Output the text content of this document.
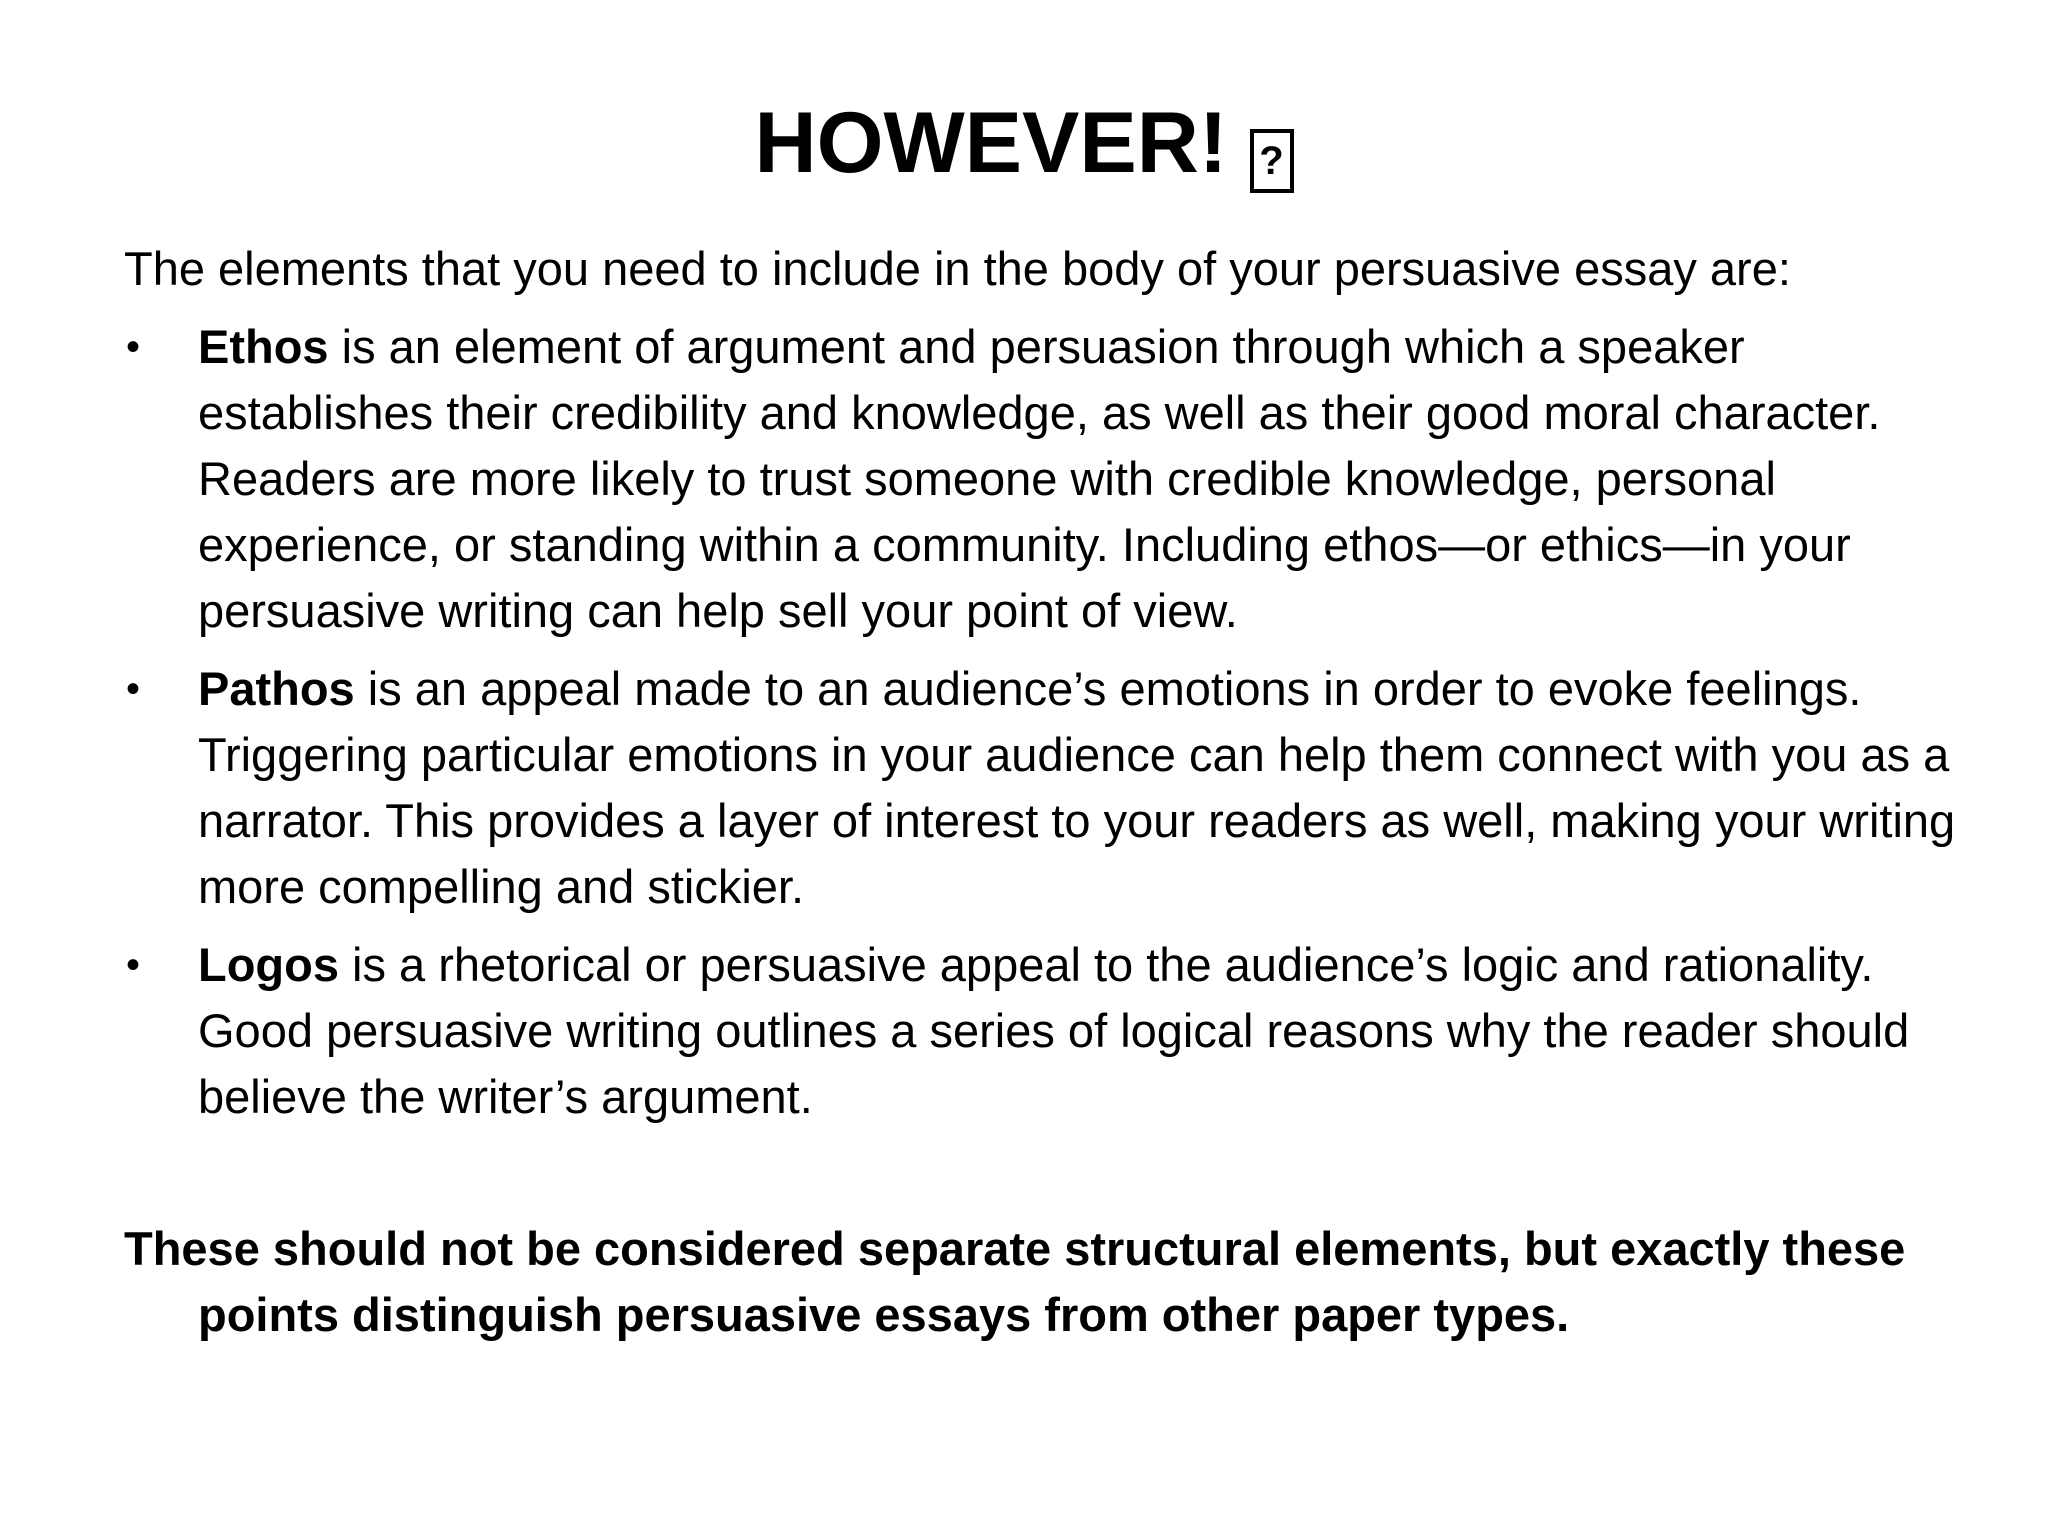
HOWEVER! ?

The elements that you need to include in the body of your persuasive essay are:

• Ethos is an element of argument and persuasion through which a speaker establishes their credibility and knowledge, as well as their good moral character. Readers are more likely to trust someone with credible knowledge, personal experience, or standing within a community. Including ethos—or ethics—in your persuasive writing can help sell your point of view.
• Pathos is an appeal made to an audience’s emotions in order to evoke feelings. Triggering particular emotions in your audience can help them connect with you as a narrator. This provides a layer of interest to your readers as well, making your writing more compelling and stickier.
• Logos is a rhetorical or persuasive appeal to the audience’s logic and rationality. Good persuasive writing outlines a series of logical reasons why the reader should believe the writer’s argument.

These should not be considered separate structural elements, but exactly these points distinguish persuasive essays from other paper types.
